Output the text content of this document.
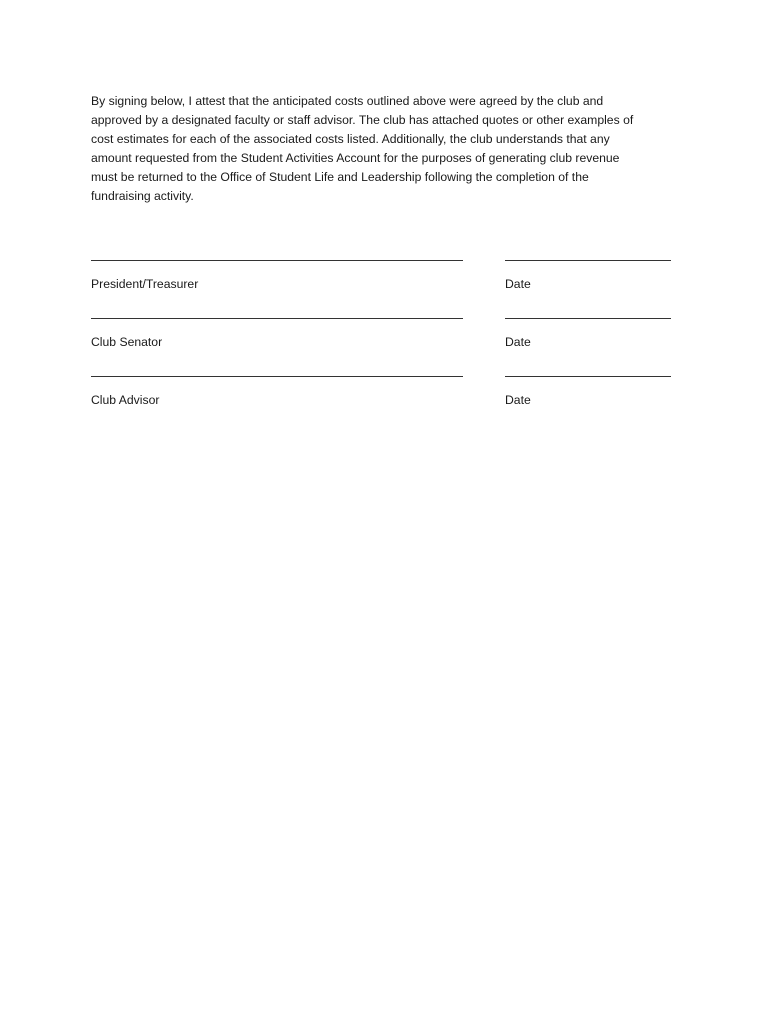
By signing below, I attest that the anticipated costs outlined above were agreed by the club and
approved by a designated faculty or staff advisor. The club has attached quotes or other examples of
cost estimates for each of the associated costs listed. Additionally, the club understands that any
amount requested from the Student Activities Account for the purposes of generating club revenue
must be returned to the Office of Student Life and Leadership following the completion of the
fundraising activity.

President/Treasurer	Date
Club Senator	Date
Club Advisor	Date
